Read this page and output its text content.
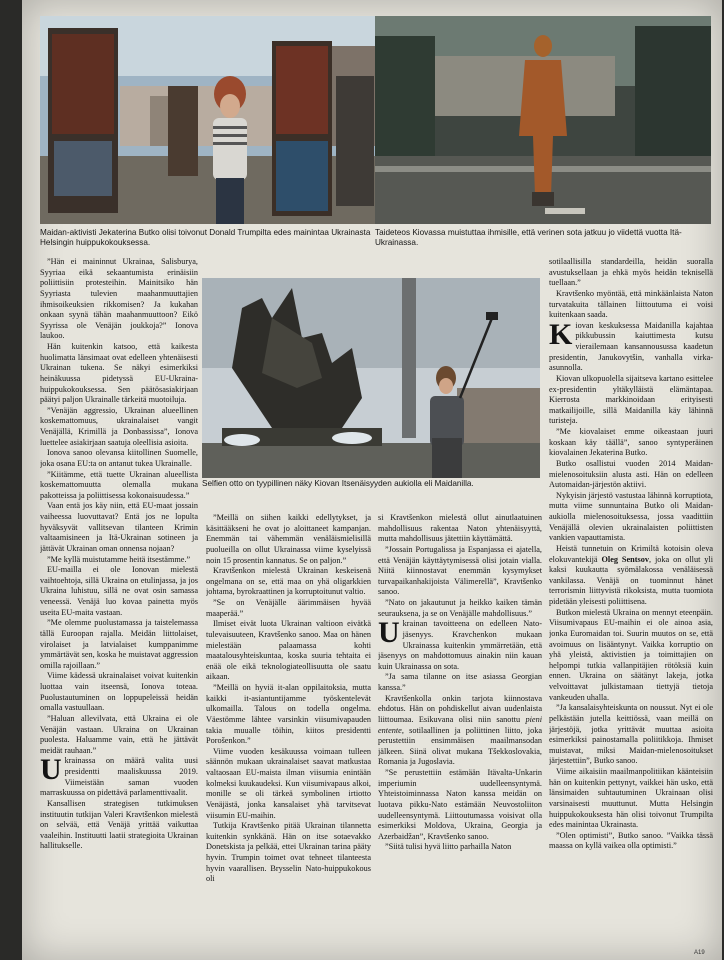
Maidan-aktivisti Jekaterina Butko olisi toivonut Donald Trumpilta edes mainintaa Ukrainasta Helsingin huippukokouksessa.

Taideteos Kiovassa muistuttaa ihmisille, että verinen sota jatkuu jo viidettä vuotta Itä-Ukrainassa.

Selfien otto on tyypillinen näky Kiovan Itsenäisyyden aukiolla eli Maidanilla.

”Hän ei maininnut Ukrainaa, Salisburya, Syyriaa eikä sekaantumista erinäisiin poliittisiin protesteihin. Mainitsiko hän Syyriasta tulevien maahanmuuttajien ihmisoikeuksien rikkomisen? Ja kukahan onkaan syynä tähän maahanmuuttoon? Eikö Syyrissa ole Venäjän joukkoja?” Ionova laukoo.

Hän kuitenkin katsoo, että kaikesta huolimatta länsimaat ovat edelleen yhtenäisesti Ukrainan tukena. Se näkyi esimerkiksi heinäkuussa pidetyssä EU-Ukraina-huippukokouksessa. Sen päätösasiakirjaan päätyi paljon Ukrainalle tärkeitä muotoiluja.

”Venäjän aggressio, Ukrainan alueellinen koskemattomuus, ukrainalaiset vangit Venäjällä, Krimillä ja Donbassissa”, Ionova luettelee asiakirjaan saatuja oleellisia asioita.

Ionova sanoo olevansa kiitollinen Suomelle, joka osana EU:ta on antanut tukea Ukrainalle.

”Kiitämme, että tuette Ukrainan alueellista koskemattomuutta olemalla mukana pakotteissa ja poliittisessa kokonaisuudessa.”

Vaan entä jos käy niin, että EU-maat jossain vaiheessa luovuttavat? Entä jos ne lopulta hyväksyvät vallitsevan tilanteen Krimin valtaamisineen ja Itä-Ukrainan sotineen ja jättävät Ukrainan oman onnensa nojaan?

”Me kyllä muistutamme heitä itsestämme.”

EU-mailla ei ole Ionovan mielestä vaihtoehtoja, sillä Ukraina on etulinjassa, ja jos Ukraina luhistuu, sillä ne ovat osin samassa veneessä. Venäjä luo kovaa painetta myös useita EU-maita vastaan.

”Me olemme puolustamassa ja taistelemassa tällä Euroopan rajalla. Meidän liittolaiset, virolaiset ja latvialaiset kumppanimme ymmärtävät sen, koska he muistavat aggression omilla rajoillaan.”

Viime kädessä ukrainalaiset voivat kuitenkin luottaa vain itseensä, Ionova toteaa. Puolustautuminen on loppupeleissä heidän omalla vastuullaan.

”Haluan allevilvata, että Ukraina ei ole Venäjän vastaan. Ukraina on Ukrainan puolesta. Haluamme vain, että he jättävät meidät rauhaan.”

Ukrainassa on määrä valita uusi presidentti maaliskuussa 2019. Viimeistään saman vuoden marraskuussa on pidettävä parlamenttivaalit.

Kansallisen strategisen tutkimuksen instituutin tutkijan Valeri Kravtšenkon mielestä on selvää, että Venäjä yrittää vaikuttaa vaaleihin. Instituutti laatii strategioita Ukrainan hallitukselle.

”Meillä on siihen kaikki edellytykset, ja käsittääkseni he ovat jo aloittaneet kampanjan. Enemmän tai vähemmän venäläismielisillä puolueilla on ollut Ukrainassa viime kyselyissä noin 15 prosentin kannatus. Se on paljon.”

Kravtšenkon mielestä Ukrainan keskeisenä ongelmana on se, että maa on yhä oligarkkien johtama, byrokraattinen ja korruptoitunut valtio.

”Se on Venäjälle äärimmäisen hyvää maaperää.”

Ilmiset eivät luota Ukrainan valtioon eivätkä tulevaisuuteen, Kravtšenko sanoo. Maa on hänen mielestään palaamassa kohti maatalousyhteiskuntaa, koska suuria tehtaita ei enää ole eikä teknologiateollisuutta ole saatu aikaan.

”Meillä on hyviä it-alan oppilaitoksia, mutta kaikki it-asiantuntijamme työskentelevät ulkomailla. Talous on todella ongelma. Väestömme lähtee varsinkin viisumivapauden takia muualle töihin, kiitos presidentti Porošenkon.”

Viime vuoden kesäkuussa voimaan tulleen säännön mukaan ukrainalaiset saavat matkustaa valtaosaan EU-maista ilman viisumia enintään kolmeksi kuukaudeksi. Kun viisumivapaus alkoi, monille se oli tärkeä symbolinen irtiotto Venäjästä, jonka kansalaiset yhä tarvitsevat viisumin EU-maihin.

Tutkija Kravtšenko pitää Ukrainan tilannetta kuitenkin synkkänä. Hän on itse sotaevakko Donetskista ja pelkää, ettei Ukrainan tarina pääty hyvin. Trumpin toimet ovat tehneet tilanteesta hyvin vaarallisen. Brysselin Nato-huippukokous oli

si Kravtšenkon mielestä ollut ainutlaatuinen mahdollisuus rakentaa Naton yhtenäisyyttä, mutta mahdollisuus jätettiin käyttämättä.

”Jossain Portugalissa ja Espanjassa ei ajatella, että Venäjän käyttäytymisessä olisi jotain vialla. Niitä kiinnostavat enemmän kysymykset turvapaikanhakijoista Välimerellä”, Kravtšenko sanoo.

”Nato on jakautunut ja heikko kaiken tämän seurauksena, ja se on Venäjälle mahdollisuus.”

Ukrainan tavoitteena on edelleen Nato-jäsenyys. Kravchenkon mukaan Ukrainassa kuitenkin ymmärretään, että jäsenyys on mahdottomuus ainakin niin kauan kuin Ukrainassa on sota.

”Ja sama tilanne on itse asiassa Georgian kanssa.”

Kravtšenkolla onkin tarjota kiinnostava ehdotus. Hän on pohdiskellut aivan uudenlaista liittoumaa. Esikuvana olisi niin sanottu pieni entente, sotilaallinen ja poliittinen liitto, joka perustettiin ensimmäisen maailmansodan jälkeen. Siinä olivat mukana Tšekkoslovakia, Romania ja Jugoslavia.

”Se perustettiin estämään Itävalta-Unkarin imperiumin uudelleensyntymä. Yhteistoiminnassa Naton kanssa meidän on luotava pikku-Nato estämään Neuvostoliiton uudelleensyntymä. Liittoutumassa voisivat olla esimerkiksi Moldova, Ukraina, Georgia ja Azerbaidžan”, Kravtšenko sanoo.

”Siitä tulisi hyvä liitto parhailla Naton

sotilaallisilla standardeilla, heidän suoralla avustuksellaan ja ehkä myös heidän teknisellä tuellaan.”

Kravtšenko myöntää, että minkäänlaista Naton turvatakuita tällainen liittoutuma ei voisi kuitenkaan saada.

Kiovan keskuksessa Maidanilla kajahtaa pikkubussin kaiuttimesta kutsu vierailemaan kansannousussa kaadetun presidentin, Janukovytšin, vanhalla virka-asunnolla.

Kiovan ulkopuolella sijaitseva kartano esittelee ex-presidentin yltäkylläistä elämäntapaa. Kierrosta markkinoidaan erityisesti matkailijoille, sillä Maidanilla käy lähinnä turisteja.

”Me kiovalaiset emme oikeastaan juuri koskaan käy täällä”, sanoo syntyperäinen kiovalainen Jekaterina Butko.

Butko osallistui vuoden 2014 Maidan-mielenosoituksiin alusta asti. Hän on edelleen Automaidan-järjestön aktiivi.

Nykyisin järjestö vastustaa lähinnä korruptiota, mutta viime sunnuntaina Butko oli Maidan-aukiolla mielenosoituksessa, jossa vaadittiin Venäjällä olevien ukrainalaisten poliittisten vankien vapauttamista.

Heistä tunnetuin on Krimiltä kotoisin oleva elokuvantekijä Oleg Sentsov, joka on ollut yli kaksi kuukautta syömälakossa venäläisessä vankilassa. Venäjä on tuominnut hänet terrorismin liittyvistä rikoksista, mutta tuomiota pidetään yleisesti poliittisena.

Butkon mielestä Ukraina on mennyt eteenpäin. Viisumivapaus EU-maihin ei ole ainoa asia, jonka Euromaidan toi. Suurin muutos on se, että avoimuus on lisääntynyt. Vaikka korruptio on yhä yleistä, aktivistien ja toimittajien on helpompi tutkia vallanpitäjien rötöksiä kuin ennen. Ukraina on säätänyt lakeja, jotka velvoittavat julkistamaan tiettyjä tietoja vankeuden uhalla.

”Ja kansalaisyhteiskunta on noussut. Nyt ei ole pelkästään jutella keittiössä, vaan meillä on järjestöjä, jotka yrittävät muuttaa asioita esimerkiksi painostamalla poliitikkoja. Ihmiset muistavat, miksi Maidan-mielenosoitukset järjestettiin”, Butko sanoo.

Viime aikaisiin maailmanpolitiikan käänteisiin hän on kuitenkin pettynyt, vaikkei hän usko, että länsimaiden suhtautuminen Ukrainaan olisi varsinaisesti muuttunut. Mutta Helsingin huippukokouksesta hän olisi toivonut Trumpilta edes mainintaa Ukrainasta.

”Olen optimisti”, Butko sanoo. ”Vaikka tässä maassa on kyllä vaikea olla optimisti.”

A19
